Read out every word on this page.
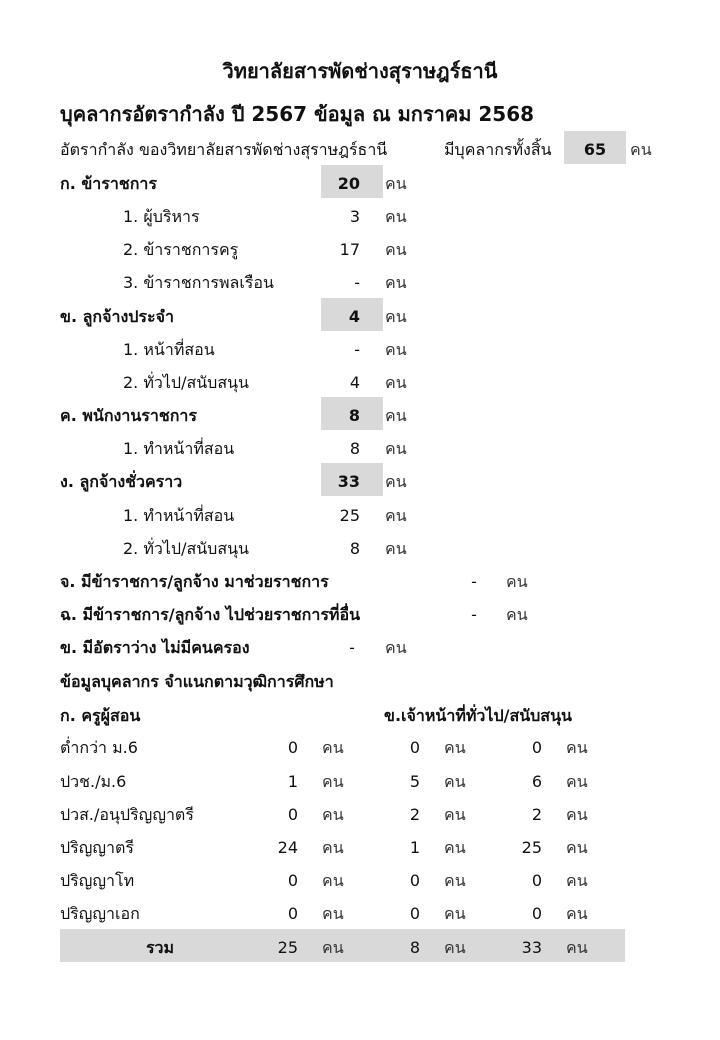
วิทยาลัยสารพัดช่างสุราษฎร์ธานี
บุคลากรอัตรากำลัง ปี 2567 ข้อมูล ณ มกราคม 2568
อัตรากำลัง ของวิทยาลัยสารพัดช่างสุราษฎร์ธานี	มีบุคลากรทั้งสิ้น	65	คน
ก. ข้าราชการ	20 คน
1. ผู้บริหาร	3 คน
2. ข้าราชการครู	17 คน
3. ข้าราชการพลเรือน	- คน
ข. ลูกจ้างประจำ	4 คน
1. หน้าที่สอน	- คน
2. ทั่วไป/สนับสนุน	4 คน
ค. พนักงานราชการ	8 คน
1. ทำหน้าที่สอน	8 คน
ง. ลูกจ้างชั่วคราว	33 คน
1. ทำหน้าที่สอน	25 คน
2. ทั่วไป/สนับสนุน	8 คน
จ. มีข้าราชการ/ลูกจ้าง มาช่วยราชการ	-	คน
ฉ. มีข้าราชการ/ลูกจ้าง ไปช่วยราชการที่อื่น	-	คน
ข. มีอัตราว่าง ไม่มีคนครอง	-	คน
ข้อมูลบุคลากร จำแนกตามวุฒิการศึกษา
ก. ครูผู้สอน	ข.เจ้าหน้าที่ทั่วไป/สนับสนุน
ต่ำกว่า ม.6	0 คน	0 คน	0 คน
ปวช./ม.6	1 คน	5 คน	6 คน
ปวส./อนุปริญญาตรี	0 คน	2 คน	2 คน
ปริญญาตรี	24 คน	1 คน	25 คน
ปริญญาโท	0 คน	0 คน	0 คน
ปริญญาเอก	0 คน	0 คน	0 คน
รวม	25 คน	8 คน	33 คน
